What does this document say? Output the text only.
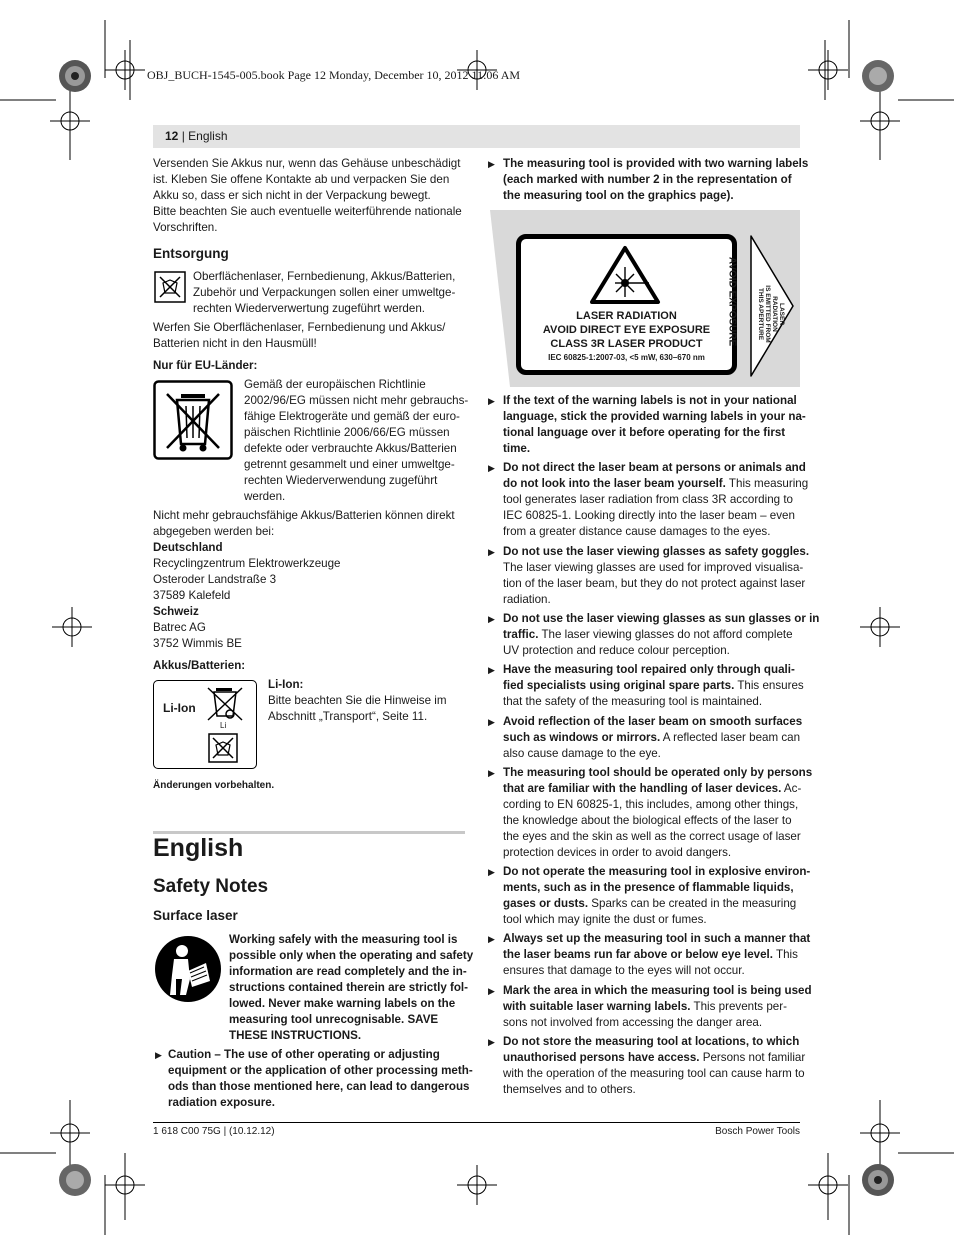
OBJ_BUCH-1545-005.book Page 12 Monday, December 10, 2012 11:06 AM
12 | English
Versenden Sie Akkus nur, wenn das Gehäuse unbeschädigt
ist. Kleben Sie offene Kontakte ab und verpacken Sie den
Akku so, dass er sich nicht in der Verpackung bewegt.
Bitte beachten Sie auch eventuelle weiterführende nationale
Vorschriften.
Entsorgung
Oberflächenlaser, Fernbedienung, Akkus/Batterien,
Zubehör und Verpackungen sollen einer umweltge-
rechten Wiederverwertung zugeführt werden.
Werfen Sie Oberflächenlaser, Fernbedienung und Akkus/
Batterien nicht in den Hausmüll!
Nur für EU-Länder:
Gemäß der europäischen Richtlinie
2002/96/EG müssen nicht mehr gebrauchs-
fähige Elektrogeräte und gemäß der euro-
päischen Richtlinie 2006/66/EG müssen
defekte oder verbrauchte Akkus/Batterien
getrennt gesammelt und einer umweltge-
rechten Wiederverwendung zugeführt
werden.
Nicht mehr gebrauchsfähige Akkus/Batterien können direkt
abgegeben werden bei:
Deutschland
Recyclingzentrum Elektrowerkzeuge
Osteroder Landstraße 3
37589 Kalefeld
Schweiz
Batrec AG
3752 Wimmis BE
Akkus/Batterien:
Li-Ion
Li
Li-Ion:
Bitte beachten Sie die Hinweise im
Abschnitt „Transport“, Seite 11.
Änderungen vorbehalten.
English
Safety Notes
Surface laser
Working safely with the measuring tool is
possible only when the operating and safety
information are read completely and the in-
structions contained therein are strictly fol-
lowed. Never make warning labels on the
measuring tool unrecognisable. SAVE
THESE INSTRUCTIONS.
▶ Caution – The use of other operating or adjusting
equipment or the application of other processing meth-
ods than those mentioned here, can lead to dangerous
radiation exposure.
▶ The measuring tool is provided with two warning labels
(each marked with number 2 in the representation of
the measuring tool on the graphics page).
LASER RADIATION
AVOID DIRECT EYE EXPOSURE
CLASS 3R LASER PRODUCT
IEC 60825-1:2007-03, <5 mW, 630–670 nm
AVOID EXPOSURE	LASER
RADIATION
IS EMITTED FROM
THIS APERTURE
▶ If the text of the warning labels is not in your national
language, stick the provided warning labels in your na-
tional language over it before operating for the first
time.
▶ Do not direct the laser beam at persons or animals and
do not look into the laser beam yourself. This measuring
tool generates laser radiation from class 3R according to
IEC 60825-1. Looking directly into the laser beam – even
from a greater distance cause damages to the eyes.
▶ Do not use the laser viewing glasses as safety goggles.
The laser viewing glasses are used for improved visualisa-
tion of the laser beam, but they do not protect against laser
radiation.
▶ Do not use the laser viewing glasses as sun glasses or in
traffic. The laser viewing glasses do not afford complete
UV protection and reduce colour perception.
▶ Have the measuring tool repaired only through quali-
fied specialists using original spare parts. This ensures
that the safety of the measuring tool is maintained.
▶ Avoid reflection of the laser beam on smooth surfaces
such as windows or mirrors. A reflected laser beam can
also cause damage to the eye.
▶ The measuring tool should be operated only by persons
that are familiar with the handling of laser devices. Ac-
cording to EN 60825-1, this includes, among other things,
the knowledge about the biological effects of the laser to
the eyes and the skin as well as the correct usage of laser
protection devices in order to avoid dangers.
▶ Do not operate the measuring tool in explosive environ-
ments, such as in the presence of flammable liquids,
gases or dusts. Sparks can be created in the measuring
tool which may ignite the dust or fumes.
▶ Always set up the measuring tool in such a manner that
the laser beams run far above or below eye level. This
ensures that damage to the eyes will not occur.
▶ Mark the area in which the measuring tool is being used
with suitable laser warning labels. This prevents per-
sons not involved from accessing the danger area.
▶ Do not store the measuring tool at locations, to which
unauthorised persons have access. Persons not familiar
with the operation of the measuring tool can cause harm to
themselves and to others.
1 618 C00 75G | (10.12.12)	Bosch Power Tools
